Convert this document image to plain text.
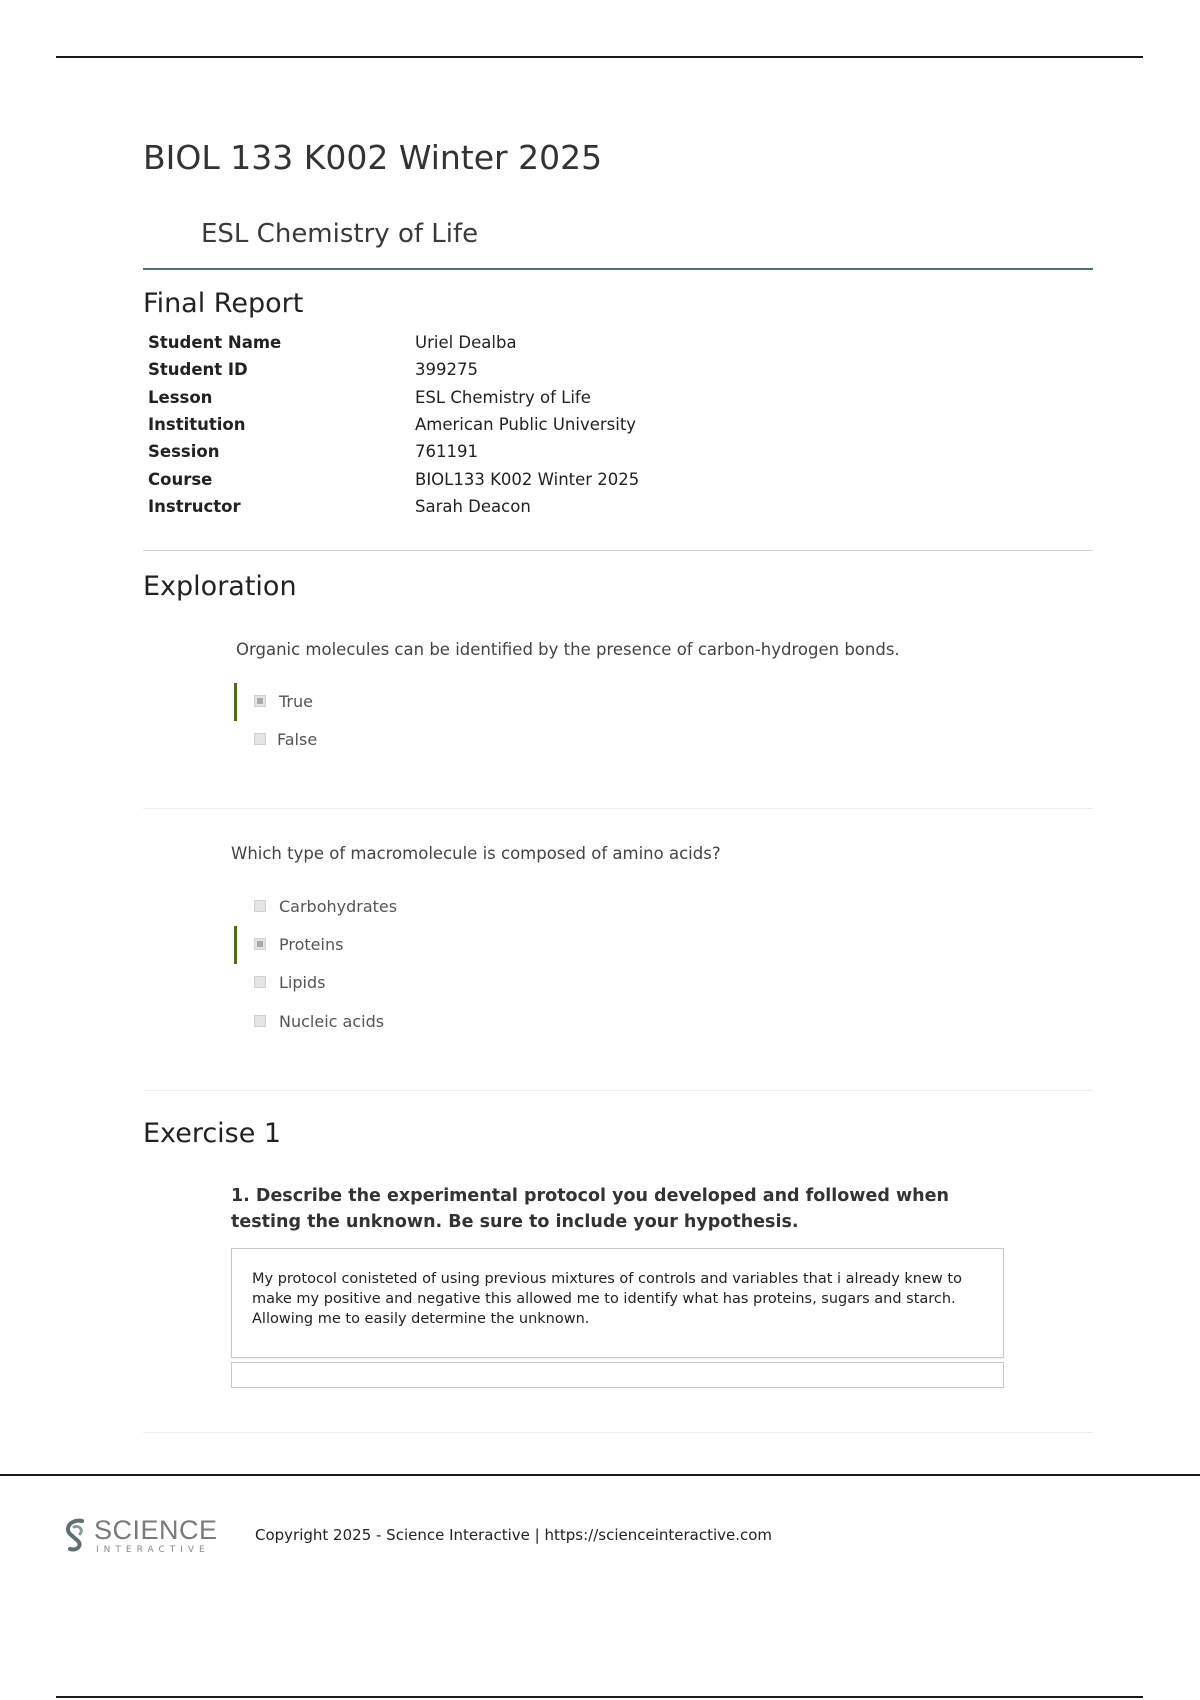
BIOL 133 K002 Winter 2025
ESL Chemistry of Life
Final Report
Student Name	Uriel Dealba
Student ID	399275
Lesson	ESL Chemistry of Life
Institution	American Public University
Session	761191
Course	BIOL133 K002 Winter 2025
Instructor	Sarah Deacon
Exploration

Organic molecules can be identified by the presence of carbon-hydrogen bonds.

True
False

Which type of macromolecule is composed of amino acids?

Carbohydrates
Proteins
Lipids
Nucleic acids
Exercise 1

1. Describe the experimental protocol you developed and followed when testing the unknown. Be sure to include your hypothesis.

My protocol conisteted of using previous mixtures of controls and variables that i already knew to make my positive and negative this allowed me to identify what has proteins, sugars and starch. Allowing me to easily determine the unknown.
SCIENCE
INTERACTIVE
Copyright 2025 - Science Interactive | https://scienceinteractive.com
